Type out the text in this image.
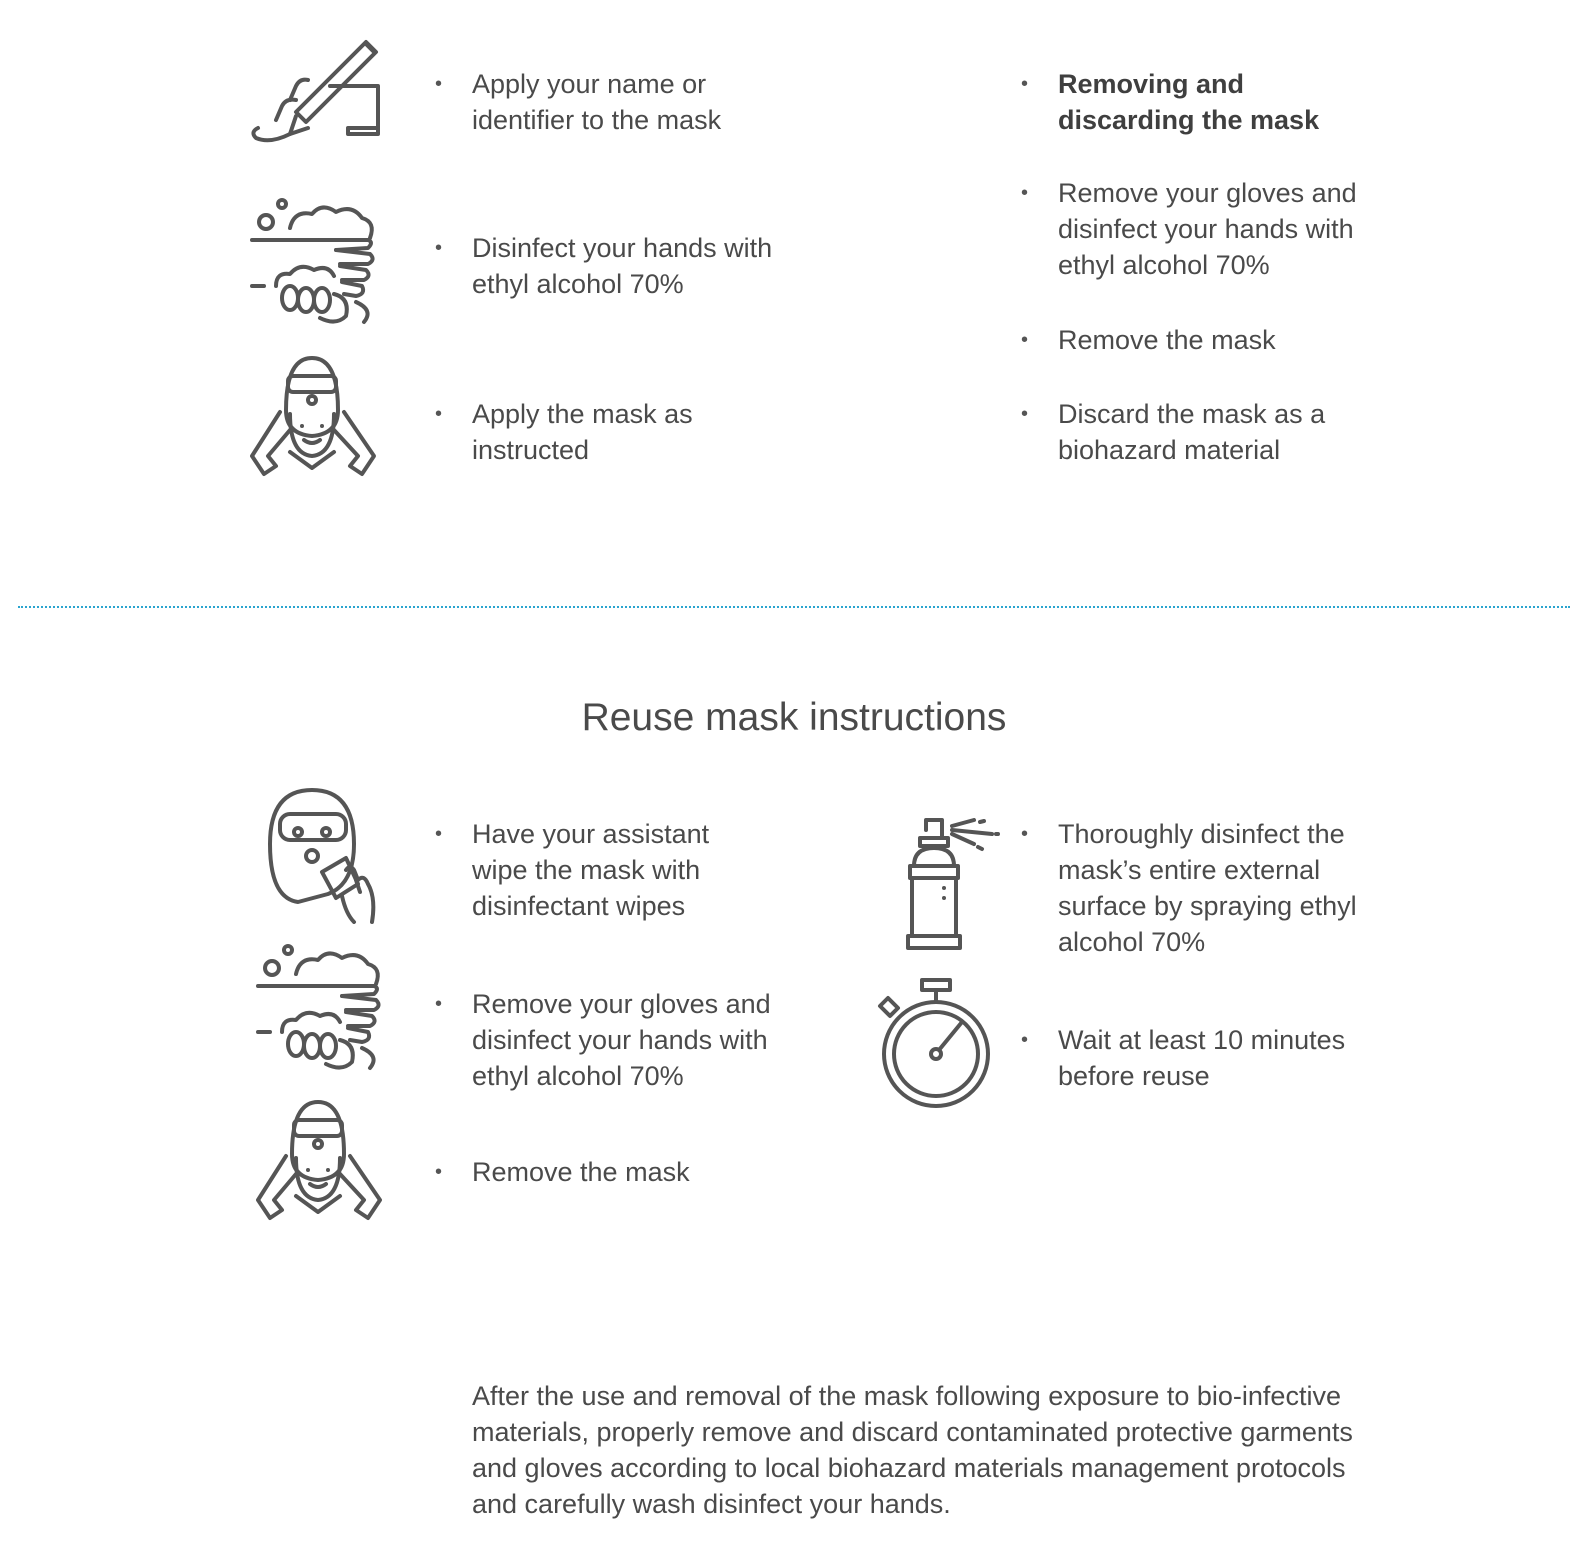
• Apply your name or identifier to the mask
• Disinfect your hands with ethyl alcohol 70%
• Apply the mask as instructed
• Removing and discarding the mask
• Remove your gloves and disinfect your hands with ethyl alcohol 70%
• Remove the mask
• Discard the mask as a biohazard material
Reuse mask instructions
• Have your assistant wipe the mask with disinfectant wipes
• Remove your gloves and disinfect your hands with ethyl alcohol 70%
• Remove the mask
• Thoroughly disinfect the mask’s entire external surface by spraying ethyl alcohol 70%
• Wait at least 10 minutes before reuse
After the use and removal of the mask following exposure to bio-infective materials, properly remove and discard contaminated protective garments and gloves according to local biohazard materials management protocols and carefully wash disinfect your hands.
